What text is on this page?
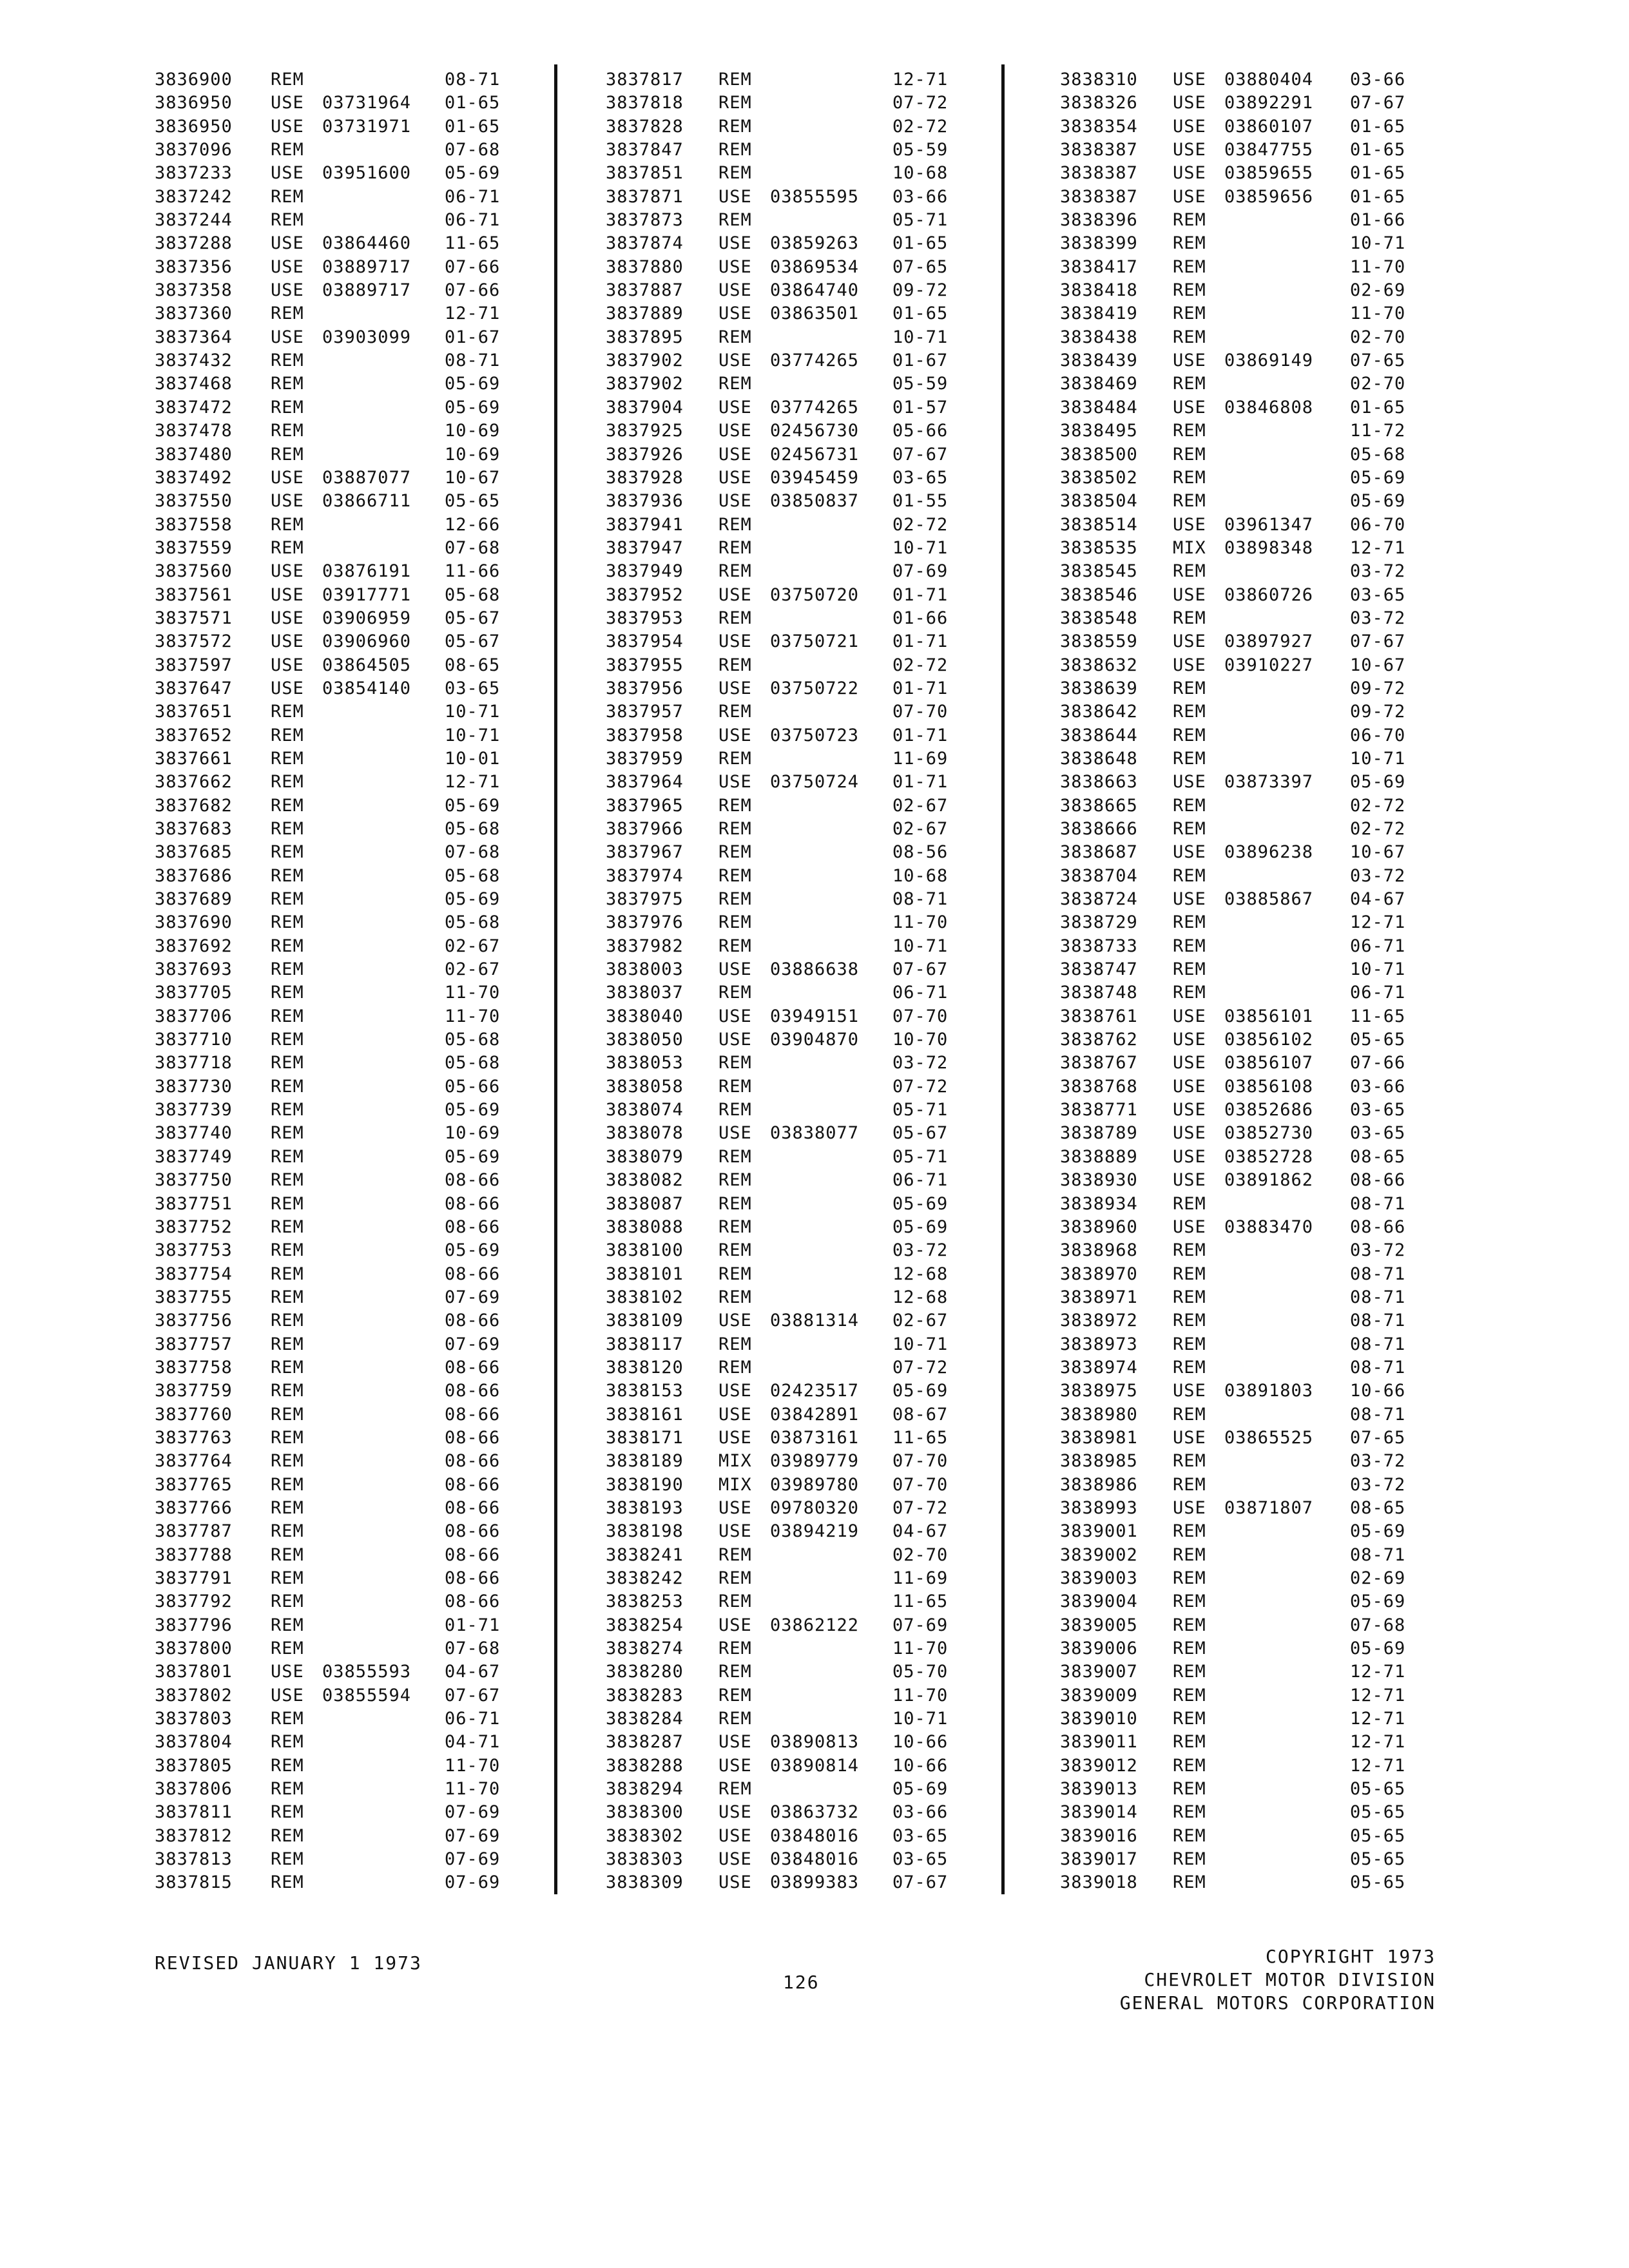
3836900 REM	08-71
3836950 USE 03731964 01-65
3836950 USE 03731971 01-65
3837096 REM	07-68
3837233 USE 03951600 05-69
3837242 REM	06-71
3837244 REM	06-71
3837288 USE 03864460 11-65
3837356 USE 03889717 07-66
3837358 USE 03889717 07-66
3837360 REM	12-71
3837364 USE 03903099 01-67
3837432 REM	08-71
3837468 REM	05-69
3837472 REM	05-69
3837478 REM	10-69
3837480 REM	10-69
3837492 USE 03887077 10-67
3837550 USE 03866711 05-65
3837558 REM	12-66
3837559 REM	07-68
3837560 USE 03876191 11-66
3837561 USE 03917771 05-68
3837571 USE 03906959 05-67
3837572 USE 03906960 05-67
3837597 USE 03864505 08-65
3837647 USE 03854140 03-65
3837651 REM	10-71
3837652 REM	10-71
3837661 REM	10-01
3837662 REM	12-71
3837682 REM	05-69
3837683 REM	05-68
3837685 REM	07-68
3837686 REM	05-68
3837689 REM	05-69
3837690 REM	05-68
3837692 REM	02-67
3837693 REM	02-67
3837705 REM	11-70
3837706 REM	11-70
3837710 REM	05-68
3837718 REM	05-68
3837730 REM	05-66
3837739 REM	05-69
3837740 REM	10-69
3837749 REM	05-69
3837750 REM	08-66
3837751 REM	08-66
3837752 REM	08-66
3837753 REM	05-69
3837754 REM	08-66
3837755 REM	07-69
3837756 REM	08-66
3837757 REM	07-69
3837758 REM	08-66
3837759 REM	08-66
3837760 REM	08-66
3837763 REM	08-66
3837764 REM	08-66
3837765 REM	08-66
3837766 REM	08-66
3837787 REM	08-66
3837788 REM	08-66
3837791 REM	08-66
3837792 REM	08-66
3837796 REM	01-71
3837800 REM	07-68
3837801 USE 03855593 04-67
3837802 USE 03855594 07-67
3837803 REM	06-71
3837804 REM	04-71
3837805 REM	11-70
3837806 REM	11-70
3837811 REM	07-69
3837812 REM	07-69
3837813 REM	07-69
3837815 REM	07-69
3837817 REM	12-71
3837818 REM	07-72
3837828 REM	02-72
3837847 REM	05-59
3837851 REM	10-68
3837871 USE 03855595 03-66
3837873 REM	05-71
3837874 USE 03859263 01-65
3837880 USE 03869534 07-65
3837887 USE 03864740 09-72
3837889 USE 03863501 01-65
3837895 REM	10-71
3837902 USE 03774265 01-67
3837902 REM	05-59
3837904 USE 03774265 01-57
3837925 USE 02456730 05-66
3837926 USE 02456731 07-67
3837928 USE 03945459 03-65
3837936 USE 03850837 01-55
3837941 REM	02-72
3837947 REM	10-71
3837949 REM	07-69
3837952 USE 03750720 01-71
3837953 REM	01-66
3837954 USE 03750721 01-71
3837955 REM	02-72
3837956 USE 03750722 01-71
3837957 REM	07-70
3837958 USE 03750723 01-71
3837959 REM	11-69
3837964 USE 03750724 01-71
3837965 REM	02-67
3837966 REM	02-67
3837967 REM	08-56
3837974 REM	10-68
3837975 REM	08-71
3837976 REM	11-70
3837982 REM	10-71
3838003 USE 03886638 07-67
3838037 REM	06-71
3838040 USE 03949151 07-70
3838050 USE 03904870 10-70
3838053 REM	03-72
3838058 REM	07-72
3838074 REM	05-71
3838078 USE 03838077 05-67
3838079 REM	05-71
3838082 REM	06-71
3838087 REM	05-69
3838088 REM	05-69
3838100 REM	03-72
3838101 REM	12-68
3838102 REM	12-68
3838109 USE 03881314 02-67
3838117 REM	10-71
3838120 REM	07-72
3838153 USE 02423517 05-69
3838161 USE 03842891 08-67
3838171 USE 03873161 11-65
3838189 MIX 03989779 07-70
3838190 MIX 03989780 07-70
3838193 USE 09780320 07-72
3838198 USE 03894219 04-67
3838241 REM	02-70
3838242 REM	11-69
3838253 REM	11-65
3838254 USE 03862122 07-69
3838274 REM	11-70
3838280 REM	05-70
3838283 REM	11-70
3838284 REM	10-71
3838287 USE 03890813 10-66
3838288 USE 03890814 10-66
3838294 REM	05-69
3838300 USE 03863732 03-66
3838302 USE 03848016 03-65
3838303 USE 03848016 03-65
3838309 USE 03899383 07-67
3838310 USE 03880404 03-66
3838326 USE 03892291 07-67
3838354 USE 03860107 01-65
3838387 USE 03847755 01-65
3838387 USE 03859655 01-65
3838387 USE 03859656 01-65
3838396 REM	01-66
3838399 REM	10-71
3838417 REM	11-70
3838418 REM	02-69
3838419 REM	11-70
3838438 REM	02-70
3838439 USE 03869149 07-65
3838469 REM	02-70
3838484 USE 03846808 01-65
3838495 REM	11-72
3838500 REM	05-68
3838502 REM	05-69
3838504 REM	05-69
3838514 USE 03961347 06-70
3838535 MIX 03898348 12-71
3838545 REM	03-72
3838546 USE 03860726 03-65
3838548 REM	03-72
3838559 USE 03897927 07-67
3838632 USE 03910227 10-67
3838639 REM	09-72
3838642 REM	09-72
3838644 REM	06-70
3838648 REM	10-71
3838663 USE 03873397 05-69
3838665 REM	02-72
3838666 REM	02-72
3838687 USE 03896238 10-67
3838704 REM	03-72
3838724 USE 03885867 04-67
3838729 REM	12-71
3838733 REM	06-71
3838747 REM	10-71
3838748 REM	06-71
3838761 USE 03856101 11-65
3838762 USE 03856102 05-65
3838767 USE 03856107 07-66
3838768 USE 03856108 03-66
3838771 USE 03852686 03-65
3838789 USE 03852730 03-65
3838889 USE 03852728 08-65
3838930 USE 03891862 08-66
3838934 REM	08-71
3838960 USE 03883470 08-66
3838968 REM	03-72
3838970 REM	08-71
3838971 REM	08-71
3838972 REM	08-71
3838973 REM	08-71
3838974 REM	08-71
3838975 USE 03891803 10-66
3838980 REM	08-71
3838981 USE 03865525 07-65
3838985 REM	03-72
3838986 REM	03-72
3838993 USE 03871807 08-65
3839001 REM	05-69
3839002 REM	08-71
3839003 REM	02-69
3839004 REM	05-69
3839005 REM	07-68
3839006 REM	05-69
3839007 REM	12-71
3839009 REM	12-71
3839010 REM	12-71
3839011 REM	12-71
3839012 REM	12-71
3839013 REM	05-65
3839014 REM	05-65
3839016 REM	05-65
3839017 REM	05-65
3839018 REM	05-65
REVISED JANUARY 1 1973
126
COPYRIGHT 1973
CHEVROLET MOTOR DIVISION
GENERAL MOTORS CORPORATION
